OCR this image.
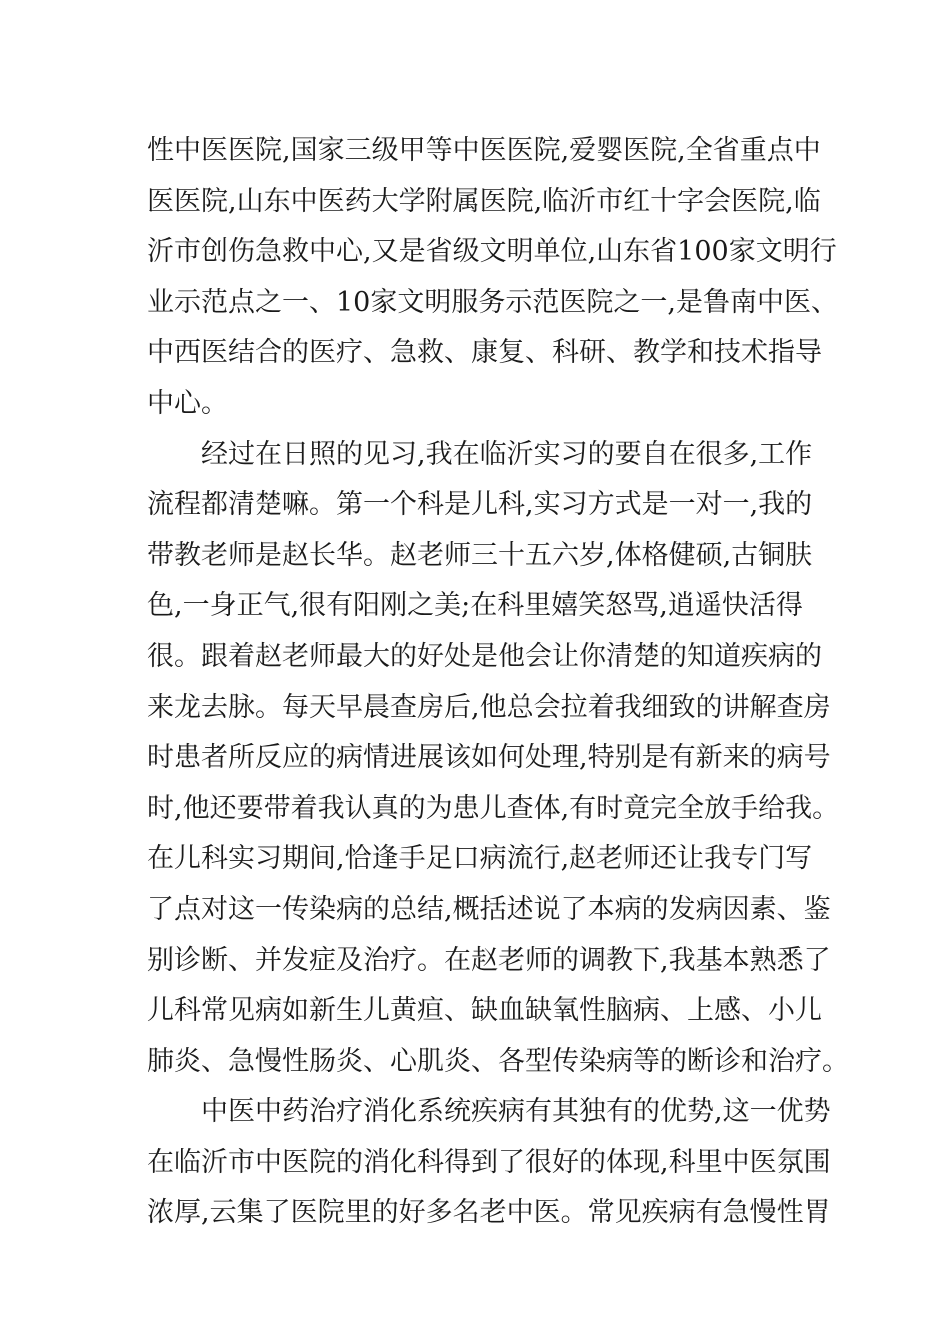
性中医医院,国家三级甲等中医医院,爱婴医院,全省重点中
医医院,山东中医药大学附属医院,临沂市红十字会医院,临
沂市创伤急救中心,又是省级文明单位,山东省100家文明行
业示范点之一、10家文明服务示范医院之一,是鲁南中医、
中西医结合的医疗、急救、康复、科研、教学和技术指导
中心。
　　经过在日照的见习,我在临沂实习的要自在很多,工作
流程都清楚嘛。第一个科是儿科,实习方式是一对一,我的
带教老师是赵长华。赵老师三十五六岁,体格健硕,古铜肤
色,一身正气,很有阳刚之美;在科里嬉笑怒骂,逍遥快活得
很。跟着赵老师最大的好处是他会让你清楚的知道疾病的
来龙去脉。每天早晨查房后,他总会拉着我细致的讲解查房
时患者所反应的病情进展该如何处理,特别是有新来的病号
时,他还要带着我认真的为患儿查体,有时竟完全放手给我。
在儿科实习期间,恰逢手足口病流行,赵老师还让我专门写
了点对这一传染病的总结,概括述说了本病的发病因素、鉴
别诊断、并发症及治疗。在赵老师的调教下,我基本熟悉了
儿科常见病如新生儿黄疸、缺血缺氧性脑病、上感、小儿
肺炎、急慢性肠炎、心肌炎、各型传染病等的断诊和治疗。
　　中医中药治疗消化系统疾病有其独有的优势,这一优势
在临沂市中医院的消化科得到了很好的体现,科里中医氛围
浓厚,云集了医院里的好多名老中医。常见疾病有急慢性胃
